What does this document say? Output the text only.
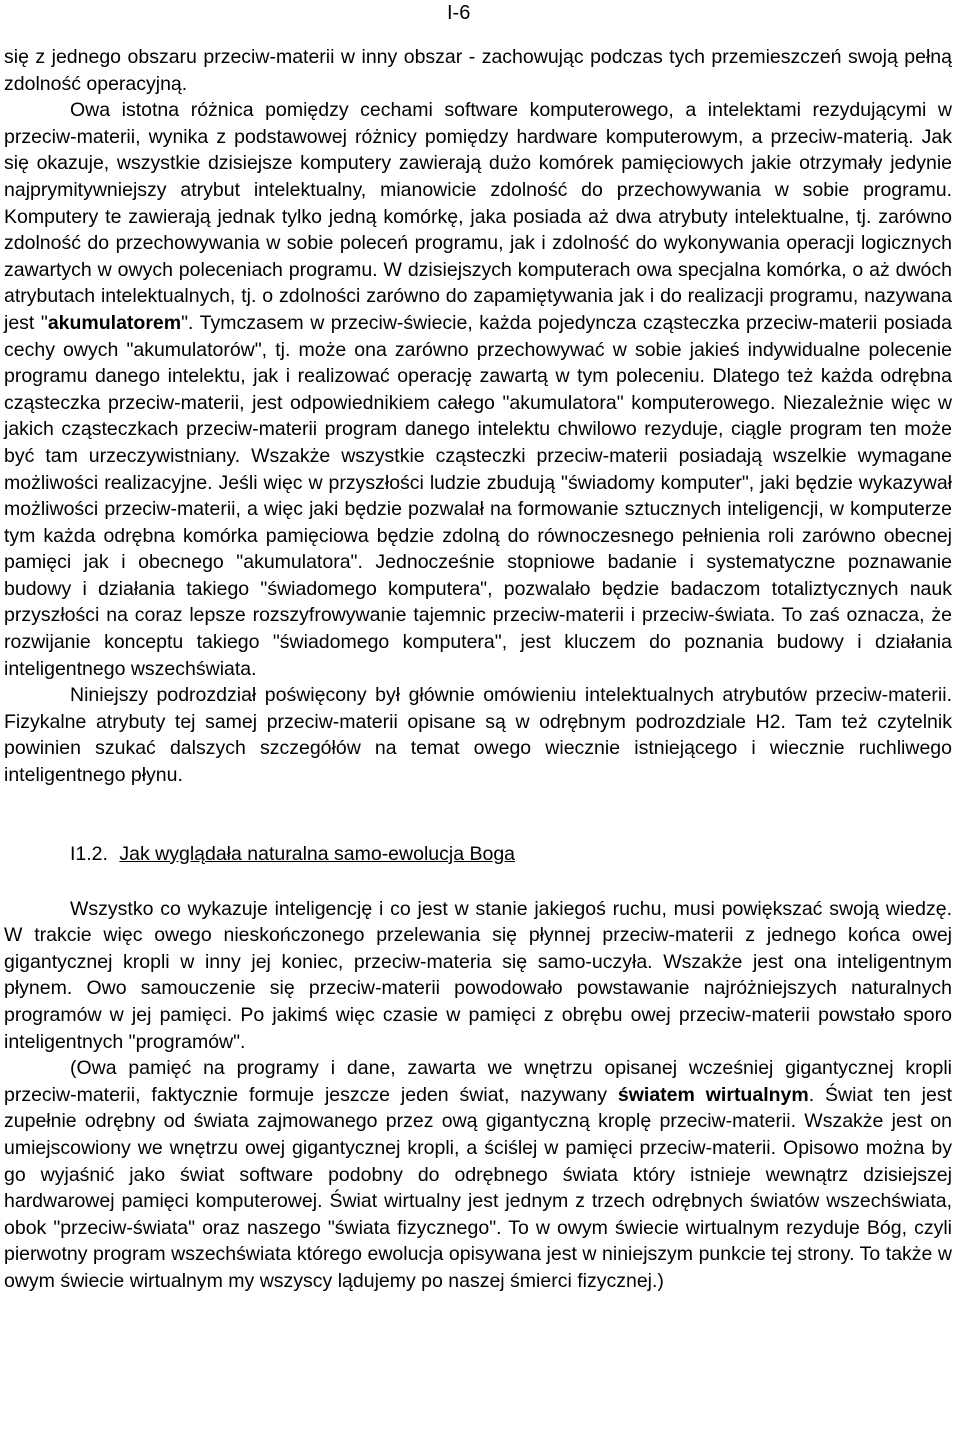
I-6

się z jednego obszaru przeciw-materii w inny obszar - zachowując podczas tych przemieszczeń swoją pełną zdolność operacyjną.

Owa istotna różnica pomiędzy cechami software komputerowego, a intelektami rezydującymi w przeciw-materii, wynika z podstawowej różnicy pomiędzy hardware komputerowym, a przeciw-materią. Jak się okazuje, wszystkie dzisiejsze komputery zawierają dużo komórek pamięciowych jakie otrzymały jedynie najprymitywniejszy atrybut intelektualny, mianowicie zdolność do przechowywania w sobie programu. Komputery te zawierają jednak tylko jedną komórkę, jaka posiada aż dwa atrybuty intelektualne, tj. zarówno zdolność do przechowywania w sobie poleceń programu, jak i zdolność do wykonywania operacji logicznych zawartych w owych poleceniach programu. W dzisiejszych komputerach owa specjalna komórka, o aż dwóch atrybutach intelektualnych, tj. o zdolności zarówno do zapamiętywania jak i do realizacji programu, nazywana jest "akumulatorem". Tymczasem w przeciw-świecie, każda pojedyncza cząsteczka przeciw-materii posiada cechy owych "akumulatorów", tj. może ona zarówno przechowywać w sobie jakieś indywidualne polecenie programu danego intelektu, jak i realizować operację zawartą w tym poleceniu. Dlatego też każda odrębna cząsteczka przeciw-materii, jest odpowiednikiem całego "akumulatora" komputerowego. Niezależnie więc w jakich cząsteczkach przeciw-materii program danego intelektu chwilowo rezyduje, ciągle program ten może być tam urzeczywistniany. Wszakże wszystkie cząsteczki przeciw-materii posiadają wszelkie wymagane możliwości realizacyjne. Jeśli więc w przyszłości ludzie zbudują "świadomy komputer", jaki będzie wykazywał możliwości przeciw-materii, a więc jaki będzie pozwalał na formowanie sztucznych inteligencji, w komputerze tym każda odrębna komórka pamięciowa będzie zdolną do równoczesnego pełnienia roli zarówno obecnej pamięci jak i obecnego "akumulatora". Jednocześnie stopniowe badanie i systematyczne poznawanie budowy i działania takiego "świadomego komputera", pozwalało będzie badaczom totaliztycznych nauk przyszłości na coraz lepsze rozszyfrowywanie tajemnic przeciw-materii i przeciw-świata. To zaś oznacza, że rozwijanie konceptu takiego "świadomego komputera", jest kluczem do poznania budowy i działania inteligentnego wszechświata.

Niniejszy podrozdział poświęcony był głównie omówieniu intelektualnych atrybutów przeciw-materii. Fizykalne atrybuty tej samej przeciw-materii opisane są w odrębnym podrozdziale H2. Tam też czytelnik powinien szukać dalszych szczegółów na temat owego wiecznie istniejącego i wiecznie ruchliwego inteligentnego płynu.

I1.2. Jak wyglądała naturalna samo-ewolucja Boga

Wszystko co wykazuje inteligencję i co jest w stanie jakiegoś ruchu, musi powiększać swoją wiedzę. W trakcie więc owego nieskończonego przelewania się płynnej przeciw-materii z jednego końca owej gigantycznej kropli w inny jej koniec, przeciw-materia się samo-uczyła. Wszakże jest ona inteligentnym płynem. Owo samouczenie się przeciw-materii powodowało powstawanie najróżniejszych naturalnych programów w jej pamięci. Po jakimś więc czasie w pamięci z obrębu owej przeciw-materii powstało sporo inteligentnych "programów".

(Owa pamięć na programy i dane, zawarta we wnętrzu opisanej wcześniej gigantycznej kropli przeciw-materii, faktycznie formuje jeszcze jeden świat, nazywany światem wirtualnym. Świat ten jest zupełnie odrębny od świata zajmowanego przez ową gigantyczną kroplę przeciw-materii. Wszakże jest on umiejscowiony we wnętrzu owej gigantycznej kropli, a ściślej w pamięci przeciw-materii. Opisowo można by go wyjaśnić jako świat software podobny do odrębnego świata który istnieje wewnątrz dzisiejszej hardwarowej pamięci komputerowej. Świat wirtualny jest jednym z trzech odrębnych światów wszechświata, obok "przeciw-świata" oraz naszego "świata fizycznego". To w owym świecie wirtualnym rezyduje Bóg, czyli pierwotny program wszechświata którego ewolucja opisywana jest w niniejszym punkcie tej strony. To także w owym świecie wirtualnym my wszyscy lądujemy po naszej śmierci fizycznej.)
